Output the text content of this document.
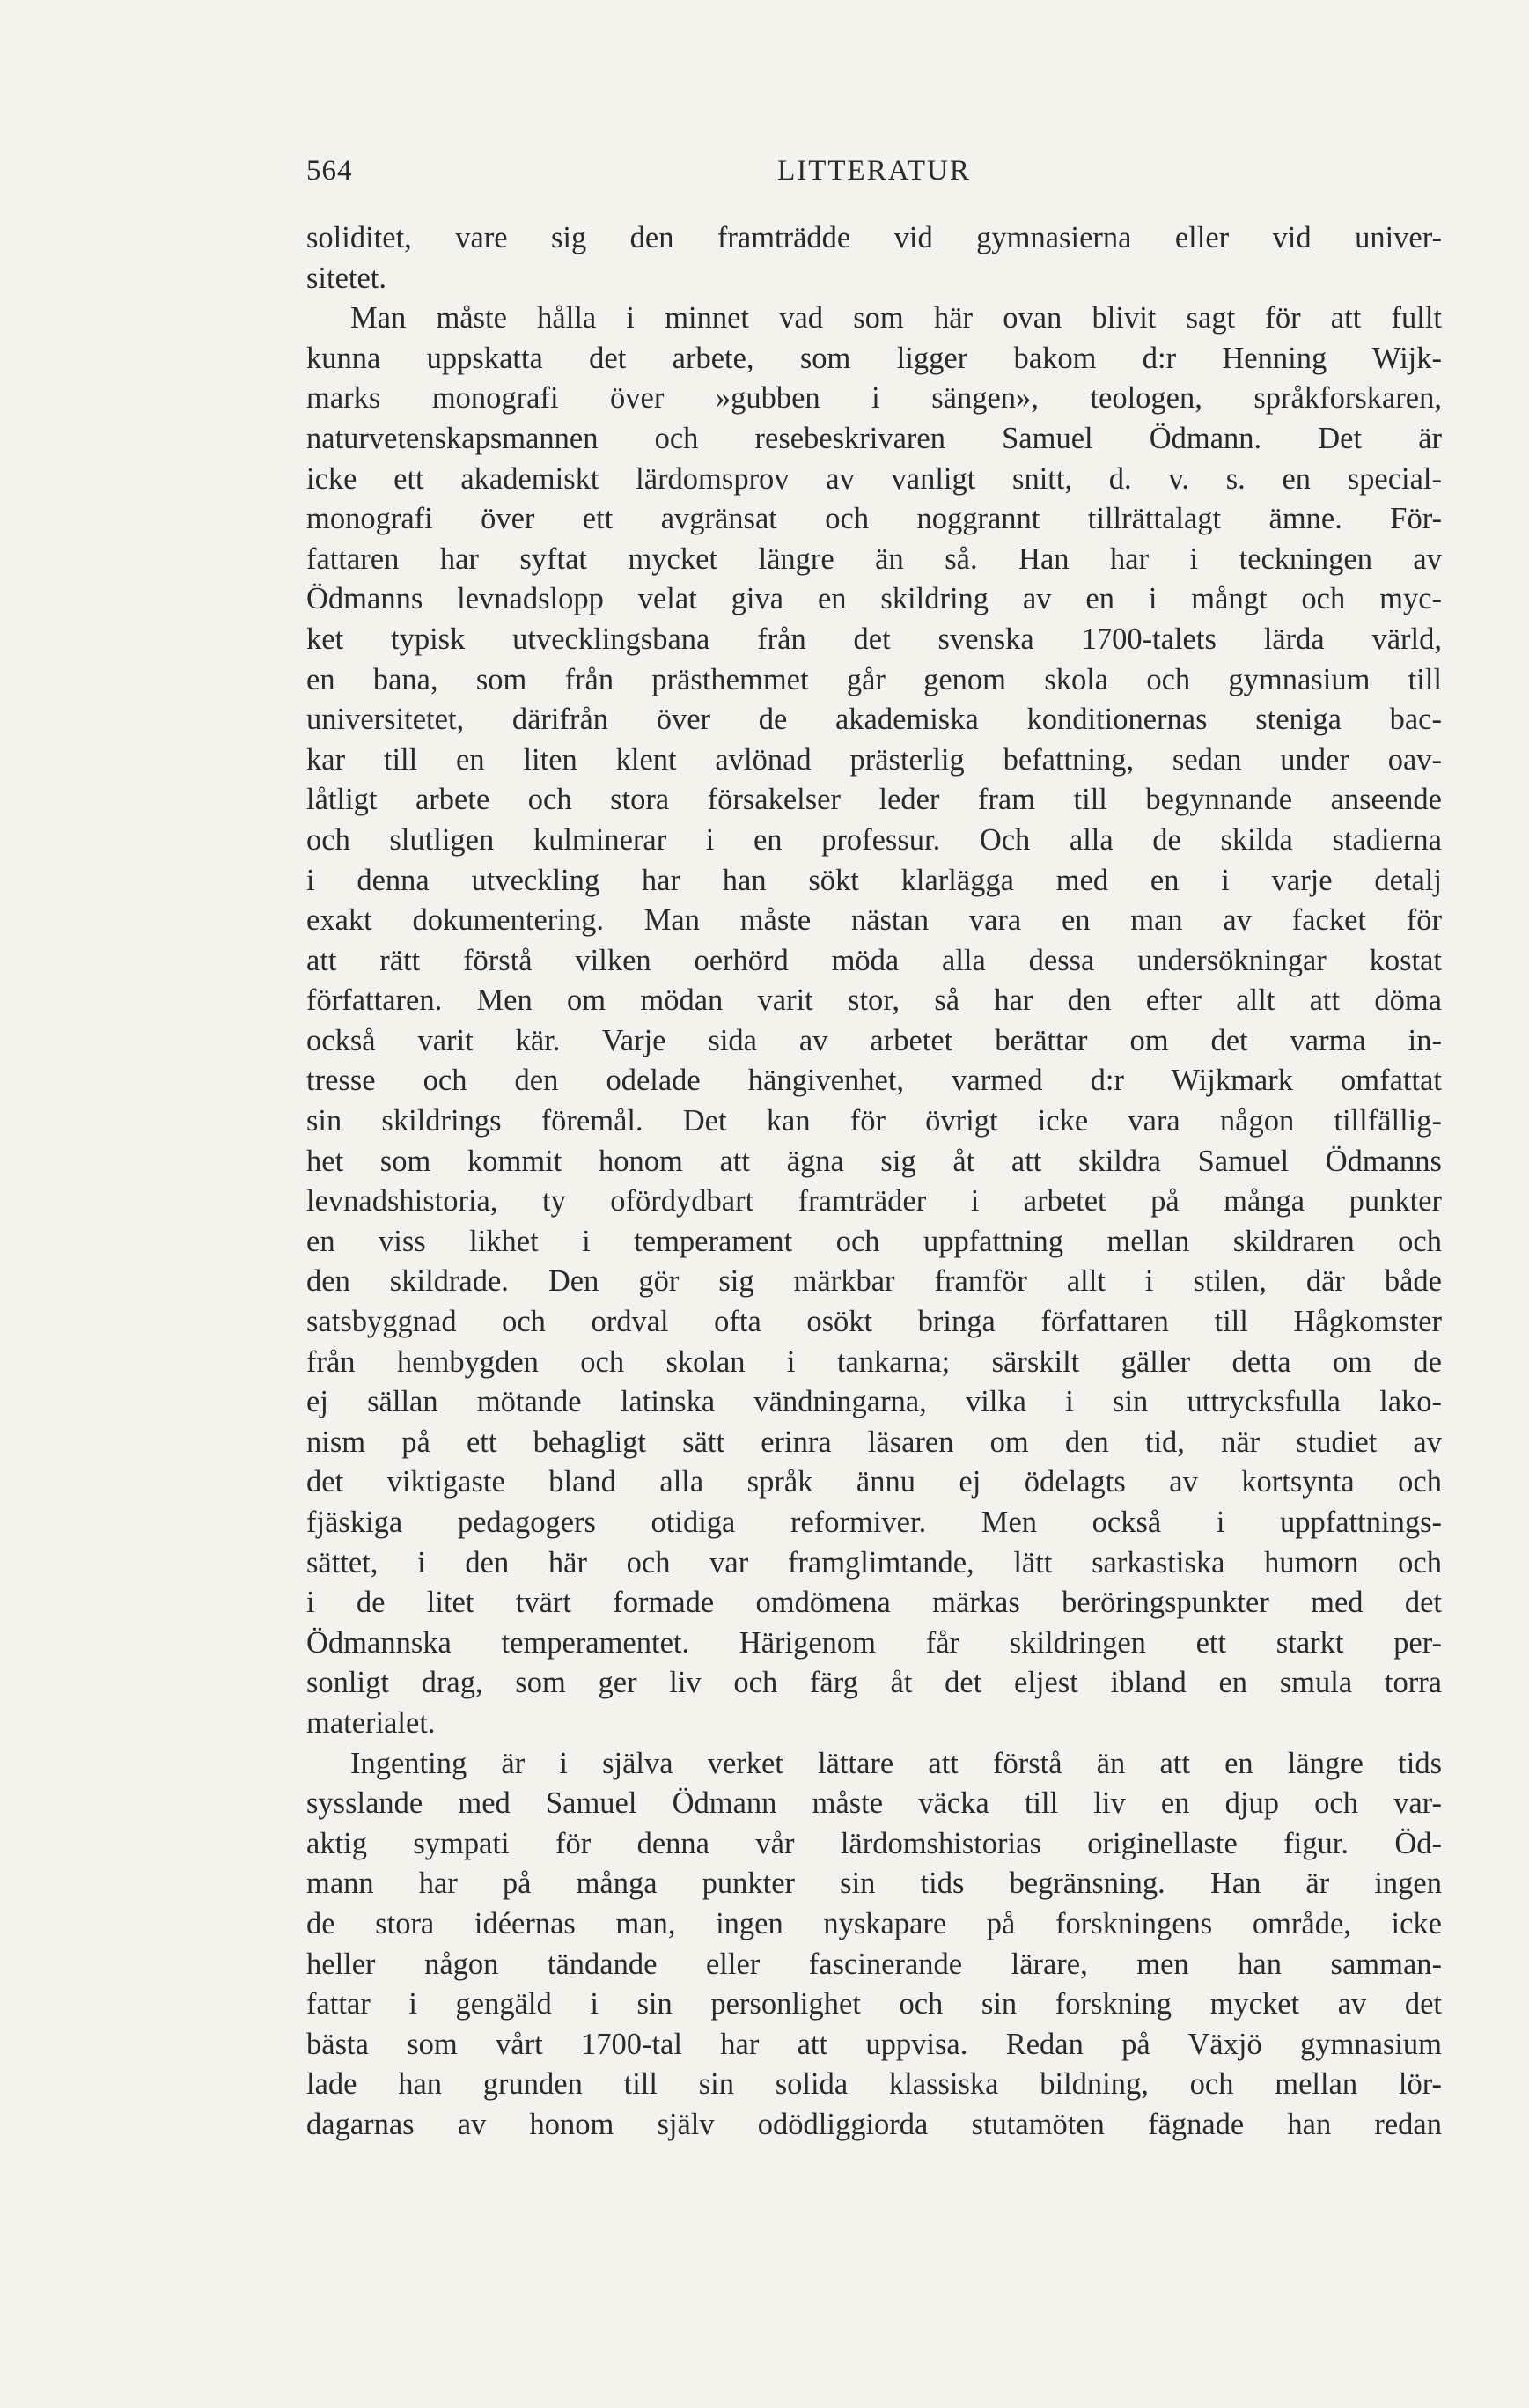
564	LITTERATUR
soliditet, vare sig den framträdde vid gymnasierna eller vid univer-
sitetet.
Man måste hålla i minnet vad som här ovan blivit sagt för att fullt
kunna uppskatta det arbete, som ligger bakom d:r Henning Wijk-
marks monografi över »gubben i sängen», teologen, språkforskaren,
naturvetenskapsmannen och resebeskrivaren Samuel Ödmann. Det är
icke ett akademiskt lärdomsprov av vanligt snitt, d. v. s. en special-
monografi över ett avgränsat och noggrannt tillrättalagt ämne. För-
fattaren har syftat mycket längre än så. Han har i teckningen av
Ödmanns levnadslopp velat giva en skildring av en i mångt och myc-
ket typisk utvecklingsbana från det svenska 1700-talets lärda värld,
en bana, som från prästhemmet går genom skola och gymnasium till
universitetet, därifrån över de akademiska konditionernas steniga bac-
kar till en liten klent avlönad prästerlig befattning, sedan under oav-
låtligt arbete och stora försakelser leder fram till begynnande anseende
och slutligen kulminerar i en professur. Och alla de skilda stadierna
i denna utveckling har han sökt klarlägga med en i varje detalj
exakt dokumentering. Man måste nästan vara en man av facket för
att rätt förstå vilken oerhörd möda alla dessa undersökningar kostat
författaren. Men om mödan varit stor, så har den efter allt att döma
också varit kär. Varje sida av arbetet berättar om det varma in-
tresse och den odelade hängivenhet, varmed d:r Wijkmark omfattat
sin skildrings föremål. Det kan för övrigt icke vara någon tillfällig-
het som kommit honom att ägna sig åt att skildra Samuel Ödmanns
levnadshistoria, ty ofördydbart framträder i arbetet på många punkter
en viss likhet i temperament och uppfattning mellan skildraren och
den skildrade. Den gör sig märkbar framför allt i stilen, där både
satsbyggnad och ordval ofta osökt bringa författaren till Hågkomster
från hembygden och skolan i tankarna; särskilt gäller detta om de
ej sällan mötande latinska vändningarna, vilka i sin uttrycksfulla lako-
nism på ett behagligt sätt erinra läsaren om den tid, när studiet av
det viktigaste bland alla språk ännu ej ödelagts av kortsynta och
fjäskiga pedagogers otidiga reformiver. Men också i uppfattnings-
sättet, i den här och var framglimtande, lätt sarkastiska humorn och
i de litet tvärt formade omdömena märkas beröringspunkter med det
Ödmannska temperamentet. Härigenom får skildringen ett starkt per-
sonligt drag, som ger liv och färg åt det eljest ibland en smula torra
materialet.
Ingenting är i själva verket lättare att förstå än att en längre tids
sysslande med Samuel Ödmann måste väcka till liv en djup och var-
aktig sympati för denna vår lärdomshistorias originellaste figur. Öd-
mann har på många punkter sin tids begränsning. Han är ingen
de stora idéernas man, ingen nyskapare på forskningens område, icke
heller någon tändande eller fascinerande lärare, men han samman-
fattar i gengäld i sin personlighet och sin forskning mycket av det
bästa som vårt 1700-tal har att uppvisa. Redan på Växjö gymnasium
lade han grunden till sin solida klassiska bildning, och mellan lör-
dagarnas av honom själv odödliggiorda stutamöten fägnade han redan
